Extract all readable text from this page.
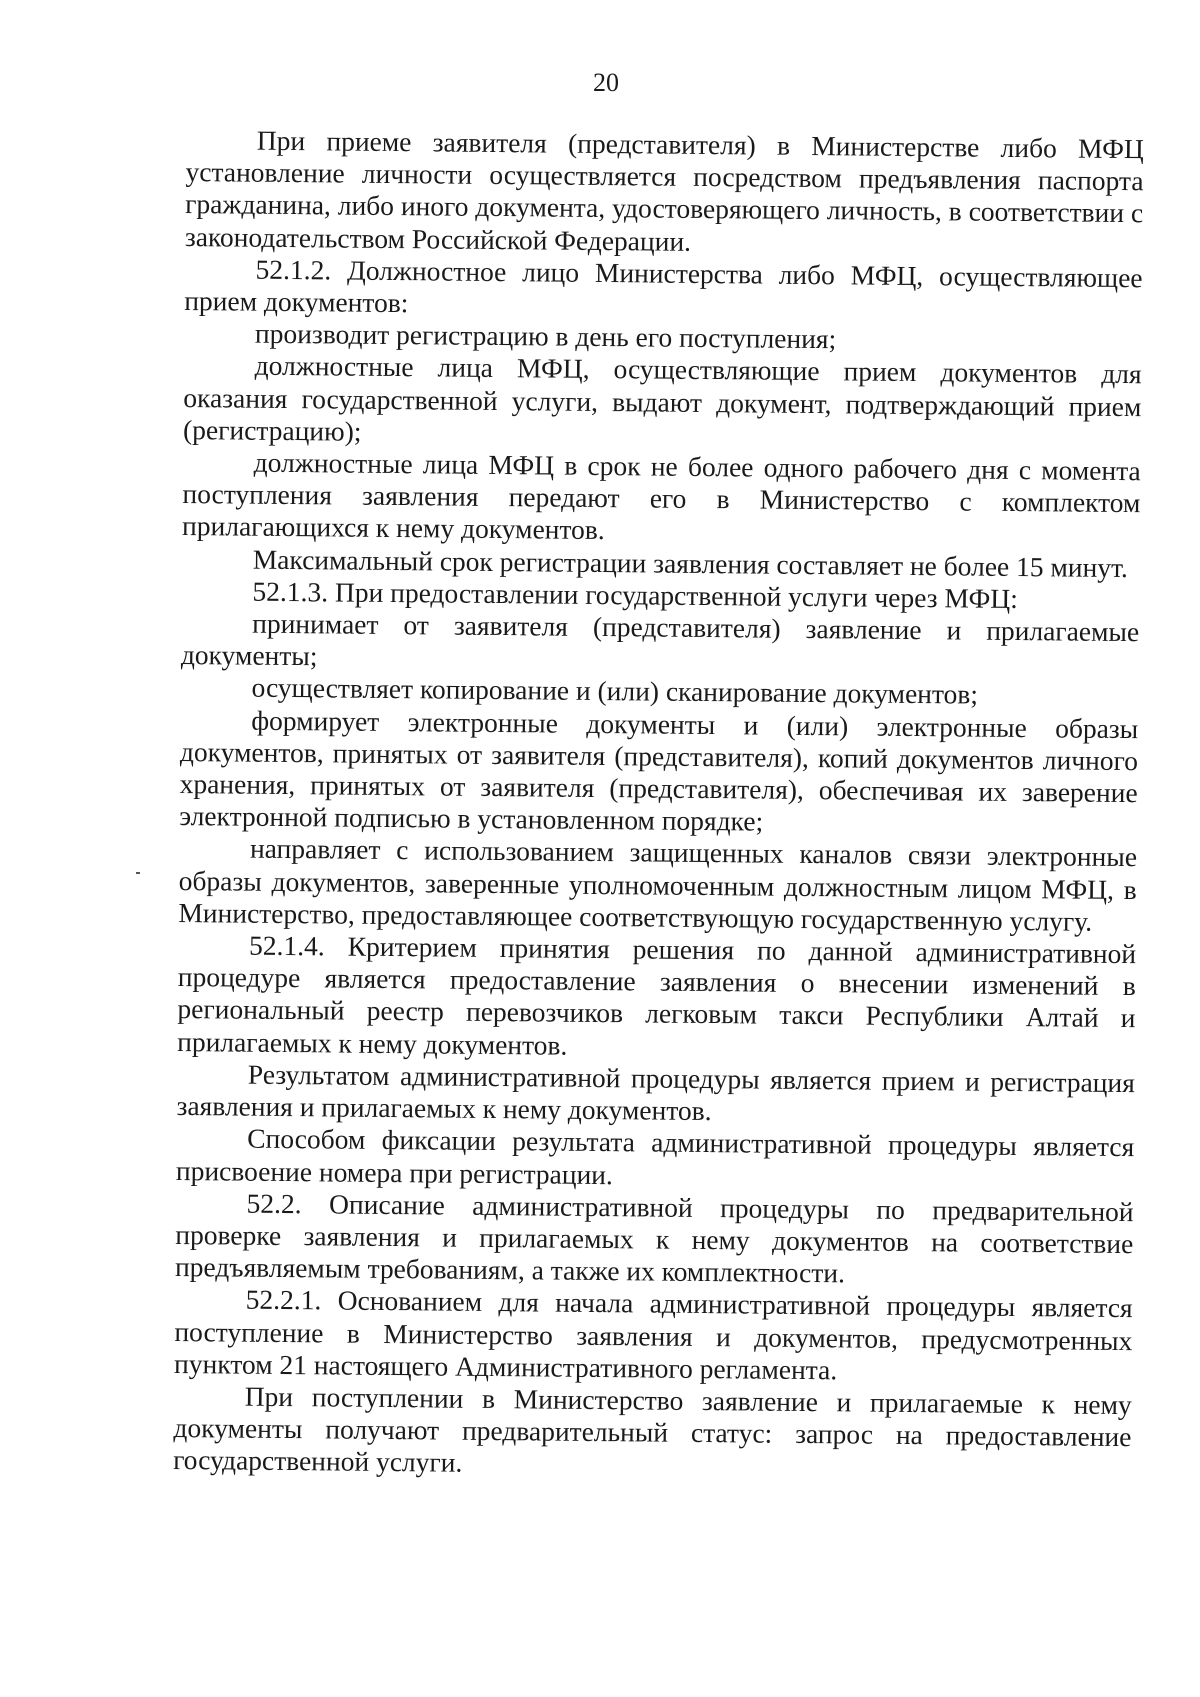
20

При приеме заявителя (представителя) в Министерстве либо МФЦ установление личности осуществляется посредством предъявления паспорта гражданина, либо иного документа, удостоверяющего личность, в соответствии с законодательством Российской Федерации.

52.1.2. Должностное лицо Министерства либо МФЦ, осуществляющее прием документов:

производит регистрацию в день его поступления;

должностные лица МФЦ, осуществляющие прием документов для оказания государственной услуги, выдают документ, подтверждающий прием (регистрацию);

должностные лица МФЦ в срок не более одного рабочего дня с момента поступления заявления передают его в Министерство с комплектом прилагающихся к нему документов.

Максимальный срок регистрации заявления составляет не более 15 минут.

52.1.3. При предоставлении государственной услуги через МФЦ:

принимает от заявителя (представителя) заявление и прилагаемые документы;

осуществляет копирование и (или) сканирование документов;

формирует электронные документы и (или) электронные образы документов, принятых от заявителя (представителя), копий документов личного хранения, принятых от заявителя (представителя), обеспечивая их заверение электронной подписью в установленном порядке;

направляет с использованием защищенных каналов связи электронные образы документов, заверенные уполномоченным должностным лицом МФЦ, в Министерство, предоставляющее соответствующую государственную услугу.

52.1.4. Критерием принятия решения по данной административной процедуре является предоставление заявления о внесении изменений в региональный реестр перевозчиков легковым такси Республики Алтай и прилагаемых к нему документов.

Результатом административной процедуры является прием и регистрация заявления и прилагаемых к нему документов.

Способом фиксации результата административной процедуры является присвоение номера при регистрации.

52.2. Описание административной процедуры по предварительной проверке заявления и прилагаемых к нему документов на соответствие предъявляемым требованиям, а также их комплектности.

52.2.1. Основанием для начала административной процедуры является поступление в Министерство заявления и документов, предусмотренных пунктом 21 настоящего Административного регламента.

При поступлении в Министерство заявление и прилагаемые к нему документы получают предварительный статус: запрос на предоставление государственной услуги.
